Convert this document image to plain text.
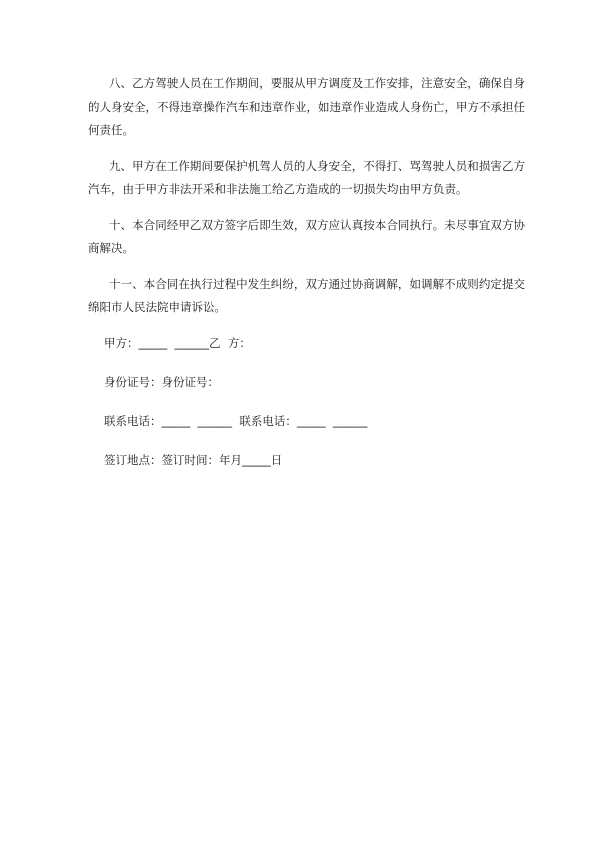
八、乙方驾驶人员在工作期间，要服从甲方调度及工作安排，注意安全，确保自身的人身安全，不得违章操作汽车和违章作业，如违章作业造成人身伤亡，甲方不承担任何责任。

九、甲方在工作期间要保护机驾人员的人身安全，不得打、骂驾驶人员和损害乙方汽车，由于甲方非法开采和非法施工给乙方造成的一切损失均由甲方负责。

十、本合同经甲乙双方签字后即生效，双方应认真按本合同执行。未尽事宜双方协商解决。

十一、本合同在执行过程中发生纠纷，双方通过协商调解，如调解不成则约定提交绵阳市人民法院申请诉讼。

甲方：_____  ______乙  方：

身份证号：身份证号：

联系电话：_____  ______  联系电话：_____  ______

签订地点：签订时间：年月_____日
